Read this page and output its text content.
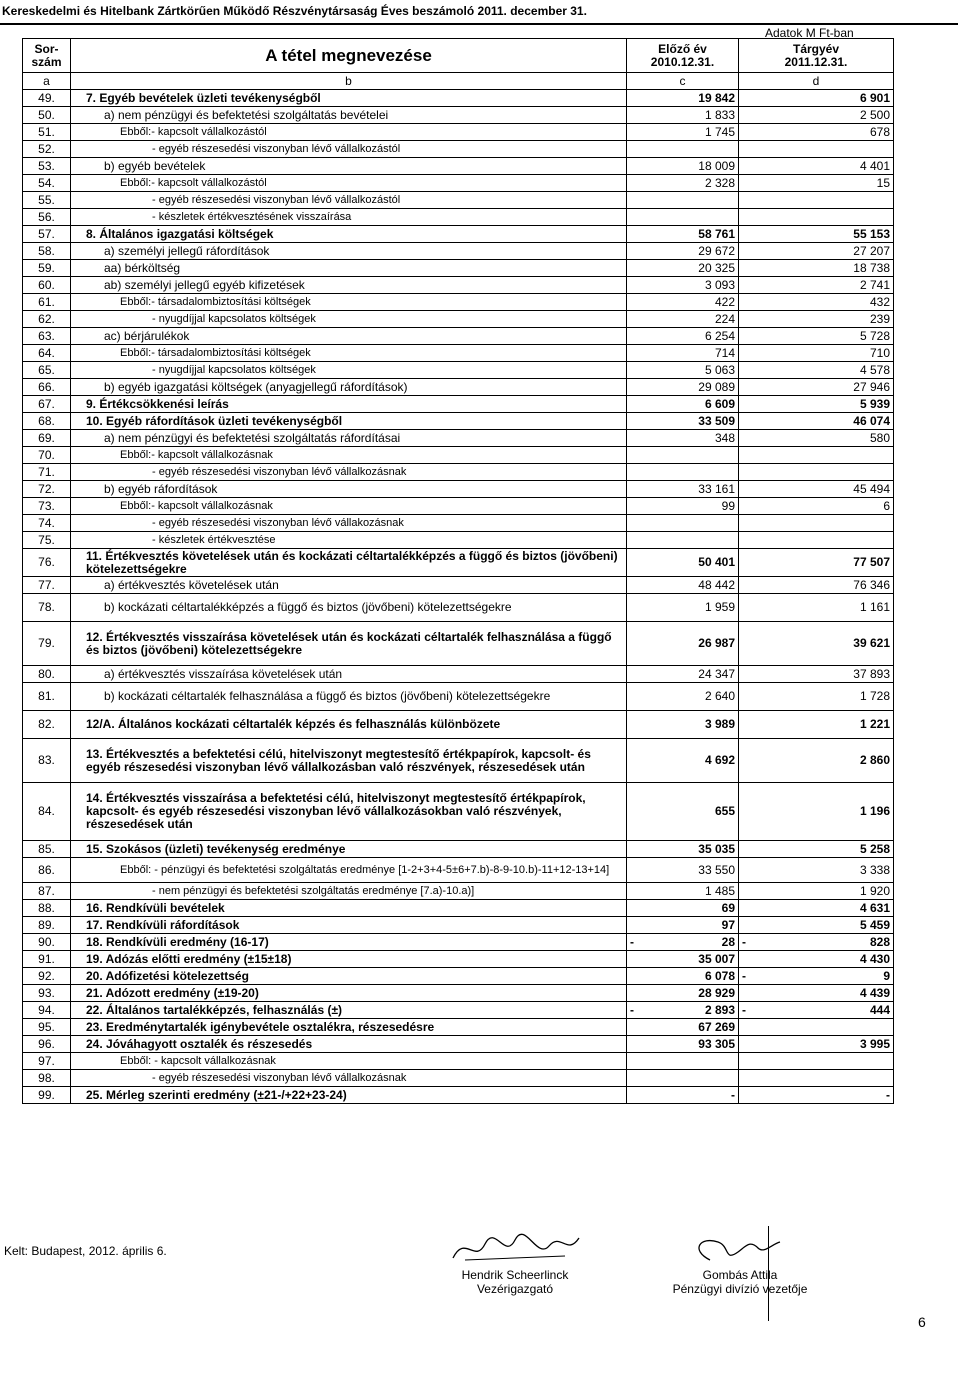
Kereskedelmi és Hitelbank Zártkörűen Működő Részvénytársaság Éves beszámoló 2011. december 31.
Adatok M Ft-ban
Sor-
szám	A tétel megnevezése	Előző év
2010.12.31.	Tárgyév
2011.12.31.
a	b	c	d
49.	7. Egyéb bevételek üzleti tevékenységből	19 842	6 901
50.	a) nem pénzügyi és befektetési szolgáltatás bevételei	1 833	2 500
51.	Ebből:- kapcsolt vállalkozástól	1 745	678
52.	- egyéb részesedési viszonyban lévő vállalkozástól		

53.	b) egyéb bevételek	18 009	4 401
54.	Ebből:- kapcsolt vállalkozástól	2 328	15
55.	- egyéb részesedési viszonyban lévő vállalkozástól		

56.	- készletek értékvesztésének visszaírása		

57.	8. Általános igazgatási költségek	58 761	55 153
58.	a) személyi jellegű ráfordítások	29 672	27 207
59.	aa) bérköltség	20 325	18 738
60.	ab) személyi jellegű egyéb kifizetések	3 093	2 741
61.	Ebből:- társadalombiztosítási költségek	422	432
62.	- nyugdíjjal kapcsolatos költségek	224	239
63.	ac) bérjárulékok	6 254	5 728
64.	Ebből:- társadalombiztosítási költségek	714	710
65.	- nyugdíjjal kapcsolatos költségek	5 063	4 578
66.	b) egyéb igazgatási költségek (anyagjellegű ráfordítások)	29 089	27 946
67.	9. Értékcsökkenési leírás	6 609	5 939
68.	10. Egyéb ráfordítások üzleti tevékenységből	33 509	46 074
69.	a) nem pénzügyi és befektetési szolgáltatás ráfordításai	348	580
70.	Ebből:- kapcsolt vállalkozásnak		

71.	- egyéb részesedési viszonyban lévő vállalkozásnak		

72.	b) egyéb ráfordítások	33 161	45 494
73.	Ebből:- kapcsolt vállalkozásnak	99	6
74.	- egyéb részesedési viszonyban lévő vállakozásnak		

75.	- készletek értékvesztése		

76.	11. Értékvesztés követelések után és kockázati céltartalékképzés a függő és biztos (jövőbeni) kötelezettségekre	50 401	77 507
77.	a) értékvesztés követelések után	48 442	76 346
78.	b) kockázati céltartalékképzés a függő és biztos (jövőbeni) kötelezettségekre	1 959	1 161
79.	12. Értékvesztés visszaírása követelések után és kockázati céltartalék felhasználása a függő és biztos (jövőbeni) kötelezettségekre	26 987	39 621
80.	a) értékvesztés visszaírása követelések után	24 347	37 893
81.	b) kockázati céltartalék felhasználása a függő és biztos (jövőbeni) kötelezettségekre	2 640	1 728
82.	12/A. Általános kockázati céltartalék képzés és felhasználás különbözete	3 989	1 221
83.	13. Értékvesztés a befektetési célú, hitelviszonyt megtestesítő értékpapírok, kapcsolt- és egyéb részesedési viszonyban lévő vállalkozásban való részvények, részesedések után	4 692	2 860
84.	14. Értékvesztés visszaírása a befektetési célú, hitelviszonyt megtestesítő értékpapírok, kapcsolt- és egyéb részesedési viszonyban lévő vállalkozásokban való részvények, részesedések után	655	1 196
85.	15. Szokásos (üzleti) tevékenység eredménye	35 035	5 258
86.	Ebből: - pénzügyi és befektetési szolgáltatás eredménye [1-2+3+4-5±6+7.b)-8-9-10.b)-11+12-13+14]	33 550	3 338
87.	- nem pénzügyi és befektetési szolgáltatás eredménye [7.a)-10.a)]	1 485	1 920
88.	16. Rendkívüli bevételek	69	4 631
89.	17. Rendkívüli ráfordítások	97	5 459
90.	18. Rendkívüli eredmény (16-17)	- 28	- 828
91.	19. Adózás előtti eredmény (±15±18)	35 007	4 430
92.	20. Adófizetési kötelezettség	6 078	- 9
93.	21. Adózott eredmény (±19-20)	28 929	4 439
94.	22. Általános tartalékképzés, felhasználás (±)	- 2 893	- 444
95.	23. Eredménytartalék igénybevétele osztalékra, részesedésre	67 269	
96.	24. Jóváhagyott osztalék és részesedés	93 305	3 995
97.	Ebből: - kapcsolt vállalkozásnak		

98.	- egyéb részesedési viszonyban lévő vállalkozásnak		

99.	25. Mérleg szerinti eredmény (±21-/+22+23-24)	-	-
Kelt: Budapest, 2012. április 6.
Hendrik Scheerlinck
Vezérigazgató
Gombás Attila
Pénzügyi divízió vezetője
6
